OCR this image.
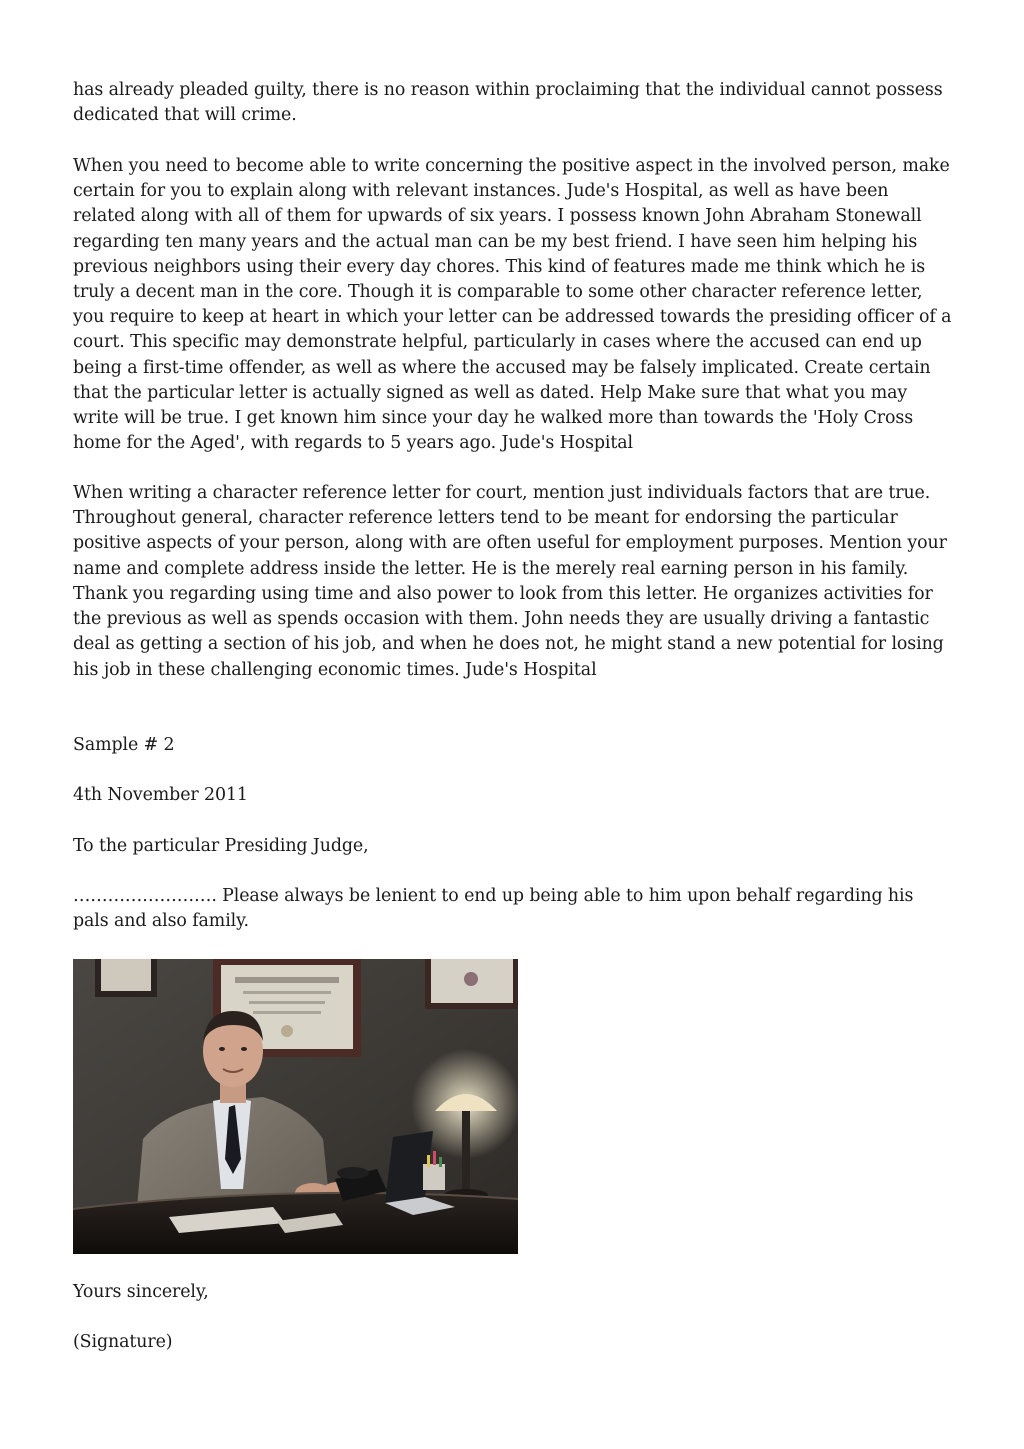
has already pleaded guilty, there is no reason within proclaiming that the individual cannot possess dedicated that will crime.

When you need to become able to write concerning the positive aspect in the involved person, make certain for you to explain along with relevant instances. Jude's Hospital, as well as have been related along with all of them for upwards of six years. I possess known John Abraham Stonewall regarding ten many years and the actual man can be my best friend. I have seen him helping his previous neighbors using their every day chores. This kind of features made me think which he is truly a decent man in the core. Though it is comparable to some other character reference letter, you require to keep at heart in which your letter can be addressed towards the presiding officer of a court. This specific may demonstrate helpful, particularly in cases where the accused can end up being a first-time offender, as well as where the accused may be falsely implicated. Create certain that the particular letter is actually signed as well as dated. Help Make sure that what you may write will be true. I get known him since your day he walked more than towards the 'Holy Cross home for the Aged', with regards to 5 years ago. Jude's Hospital

When writing a character reference letter for court, mention just individuals factors that are true. Throughout general, character reference letters tend to be meant for endorsing the particular positive aspects of your person, along with are often useful for employment purposes. Mention your name and complete address inside the letter. He is the merely real earning person in his family.

Thank you regarding using time and also power to look from this letter. He organizes activities for the previous as well as spends occasion with them. John needs they are usually driving a fantastic deal as getting a section of his job, and when he does not, he might stand a new potential for losing his job in these challenging economic times. Jude's Hospital

Sample # 2

4th November 2011

To the particular Presiding Judge,

……………………. Please always be lenient to end up being able to him upon behalf regarding his pals and also family.

Yours sincerely,

(Signature)
